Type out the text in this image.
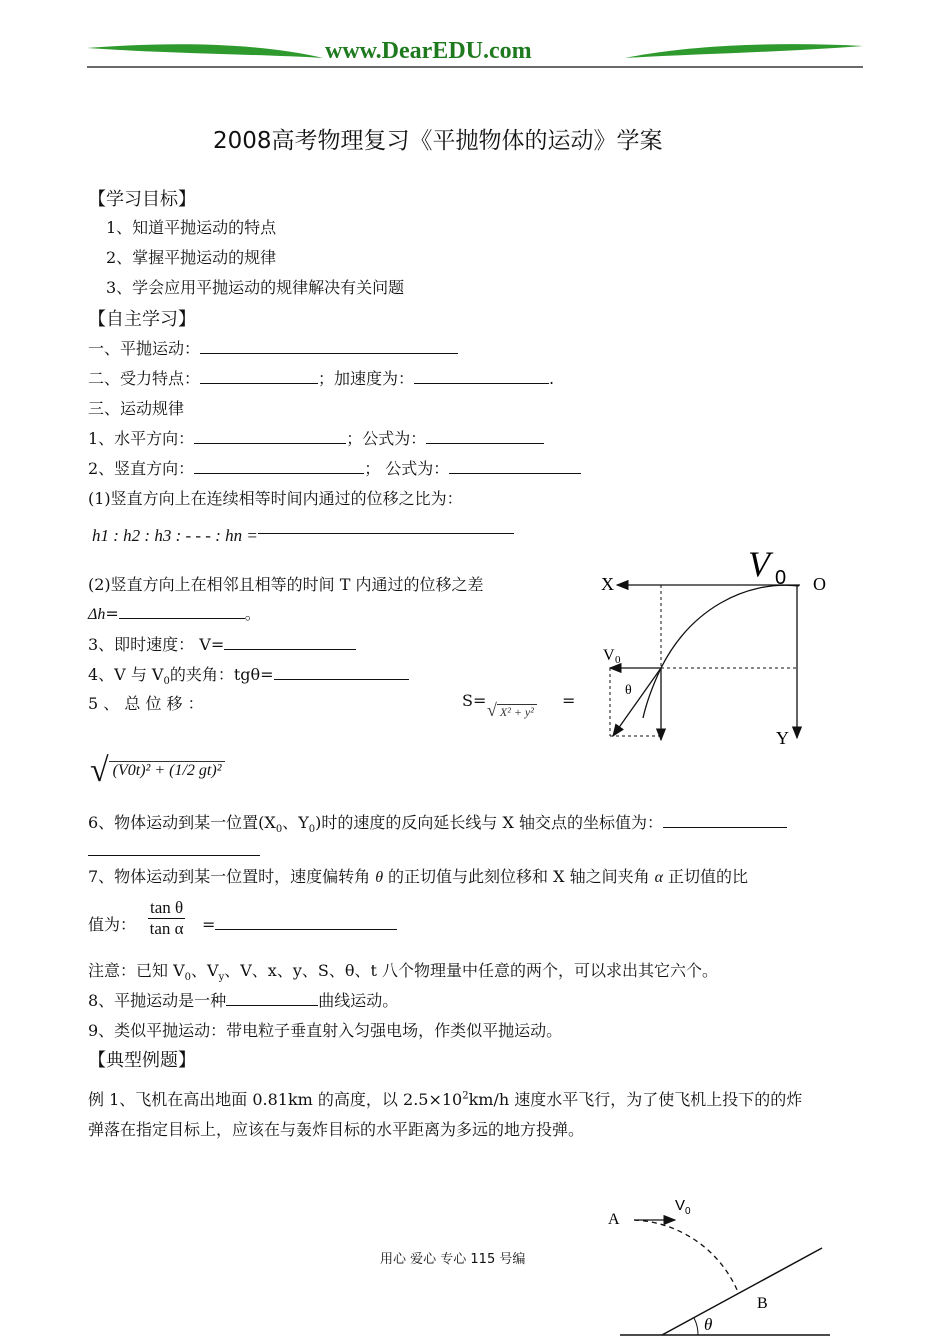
www.DearEDU.com
2008高考物理复习《平抛物体的运动》学案
【学习目标】
1、知道平抛运动的特点
2、掌握平抛运动的规律
3、学会应用平抛运动的规律解决有关问题
【自主学习】
一、平抛运动：
二、受力特点：	；加速度为：	.
三、运动规律
1、水平方向：	；公式为：
2、竖直方向：	； 公式为：
(1)竖直方向上在连续相等时间内通过的位移之比为：
h1 : h2 : h3 : - - - : hn =
(2)竖直方向上在相邻且相等的时间 T 内通过的位移之差
Δh=	。
3、即时速度： V=
4、V 与 $V_0$的夹角：tgθ=
5 、 总 位 移 ：	S= √ X² + y²
=
√ (V0t)² + (1/2 gt)²
6、物体运动到某一位置($X_0$、$Y_0$)时的速度的反向延长线与 X 轴交点的坐标值为：
7、物体运动到某一位置时，速度偏转角 θ 的正切值与此刻位移和 X 轴之间夹角 α 正切值的比
值为： $\frac{\text{tan θ}}{\text{tan α}}$ =
注意：已知 $V_0$、$V_y$、V、x、y、S、θ、t 八个物理量中任意的两个，可以求出其它六个。
8、平抛运动是一种	曲线运动。
9、类似平抛运动：带电粒子垂直射入匀强电场，作类似平抛运动。
【典型例题】
例 1、飞机在高出地面 0.81km 的高度，以 $2.5\times 10^2km/h$ 速度水平飞行，为了使飞机上投下的的炸
弹落在指定目标上，应该在与轰炸目标的水平距离为多远的地方投弹。
V 0
X	O
V 0
θ
Y
A
V 0
B
θ
用心 爱心 专心 115 号编
